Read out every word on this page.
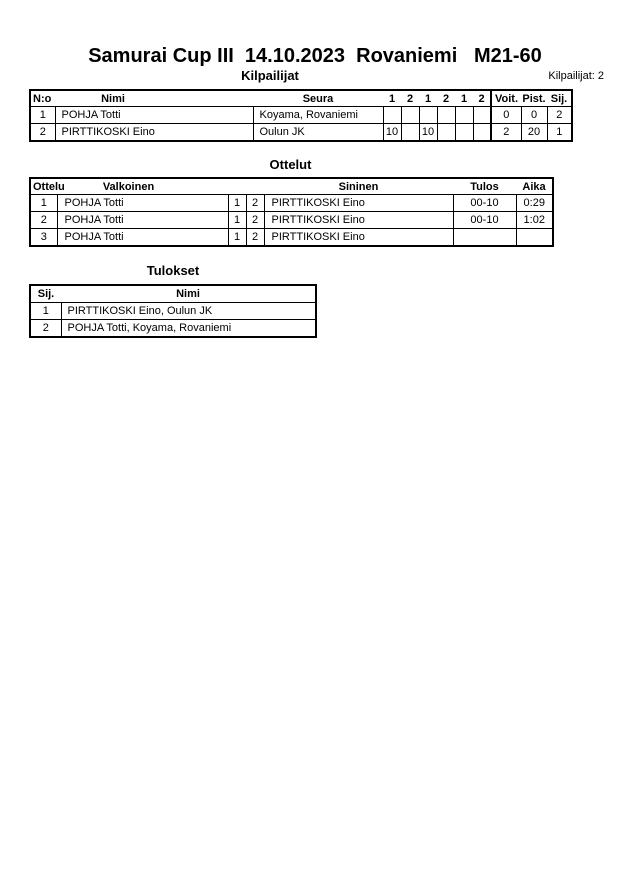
Samurai Cup III  14.10.2023  Rovaniemi   M21-60
Kilpailijat	Kilpailijat: 2
N:o	Nimi	Seura	1	2	1	2	1	2	Voit.	Pist.	Sij.
1	POHJA Totti	Koyama, Rovaniemi							0	0	2
2	PIRTTIKOSKI Eino	Oulun JK	10		10				2	20	1
Ottelut
Ottelu	Valkoinen			Sininen	Tulos	Aika
1	POHJA Totti	1	2	PIRTTIKOSKI Eino	00-10	0:29
2	POHJA Totti	1	2	PIRTTIKOSKI Eino	00-10	1:02
3	POHJA Totti	1	2	PIRTTIKOSKI Eino		
Tulokset
Sij.	Nimi
1	PIRTTIKOSKI Eino, Oulun JK
2	POHJA Totti, Koyama, Rovaniemi
